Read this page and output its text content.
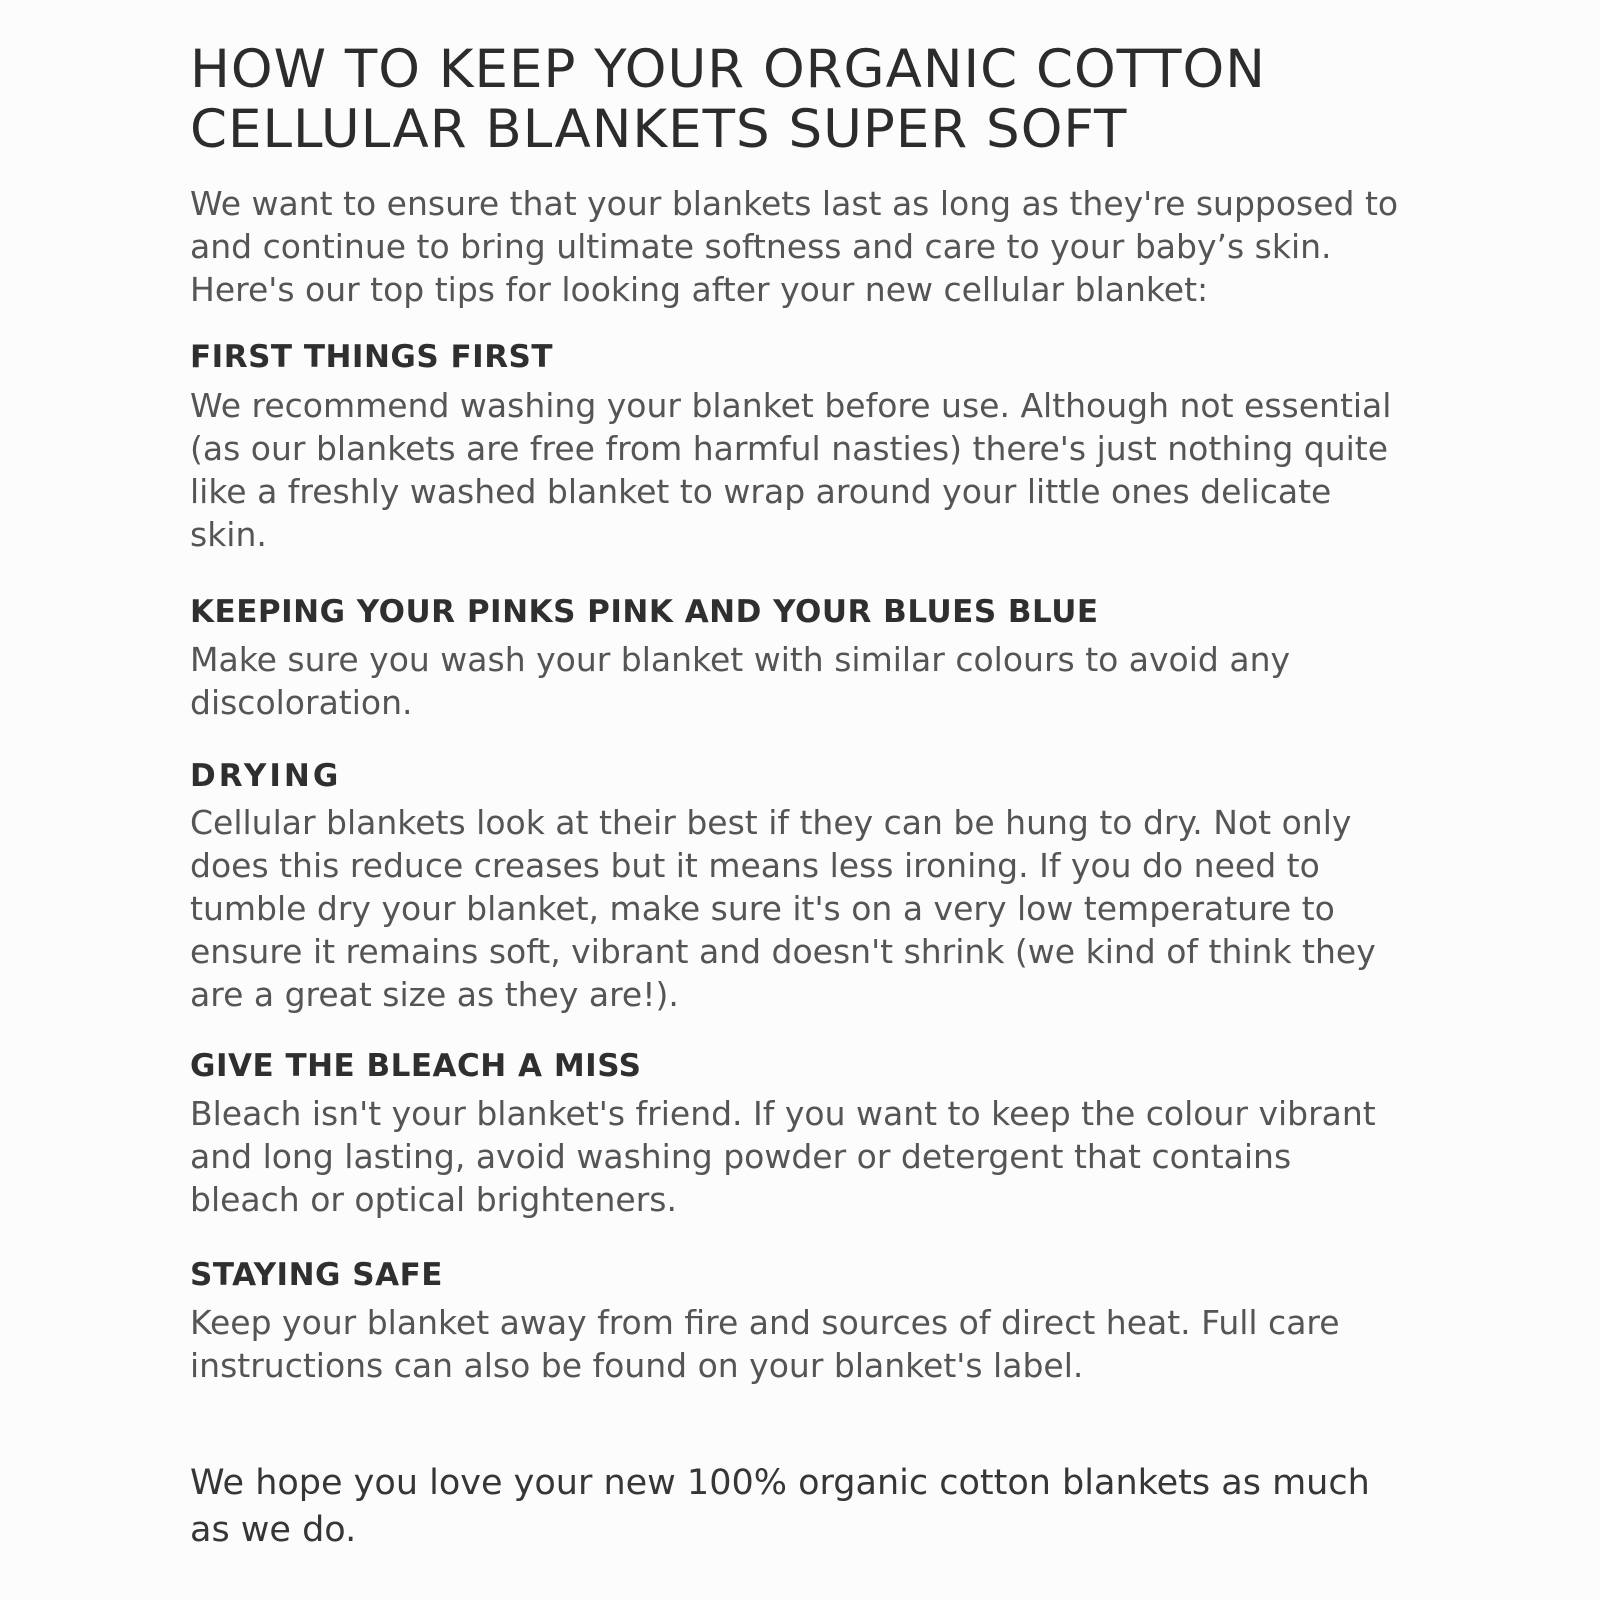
HOW TO KEEP YOUR ORGANIC COTTON CELLULAR BLANKETS SUPER SOFT

We want to ensure that your blankets last as long as they're supposed to and continue to bring ultimate softness and care to your baby’s skin.   Here's our top tips for looking after your new cellular blanket:

FIRST THINGS FIRST

We recommend washing your blanket before use. Although not essential (as our blankets are free from harmful nasties) there's just nothing quite like a freshly washed blanket to wrap around your little ones delicate skin.

KEEPING YOUR PINKS PINK AND YOUR BLUES BLUE

Make sure you wash your blanket with similar colours to avoid any discoloration.

DRYING

Cellular blankets look at their best if they can be hung to dry. Not only does this reduce creases but it means less ironing. If you do need to tumble dry your blanket, make sure it's on a very low temperature to ensure it remains soft, vibrant and doesn't shrink (we kind of think they are a great size as they are!).

GIVE THE BLEACH A MISS

Bleach isn't your blanket's friend. If you want to keep the colour vibrant and long lasting, avoid washing powder or detergent that contains bleach or optical brighteners.

STAYING SAFE

Keep your blanket away from fire and sources of direct heat. Full care instructions can also be found on your blanket's label.

We hope you love your new 100% organic cotton blankets as much as we do.
